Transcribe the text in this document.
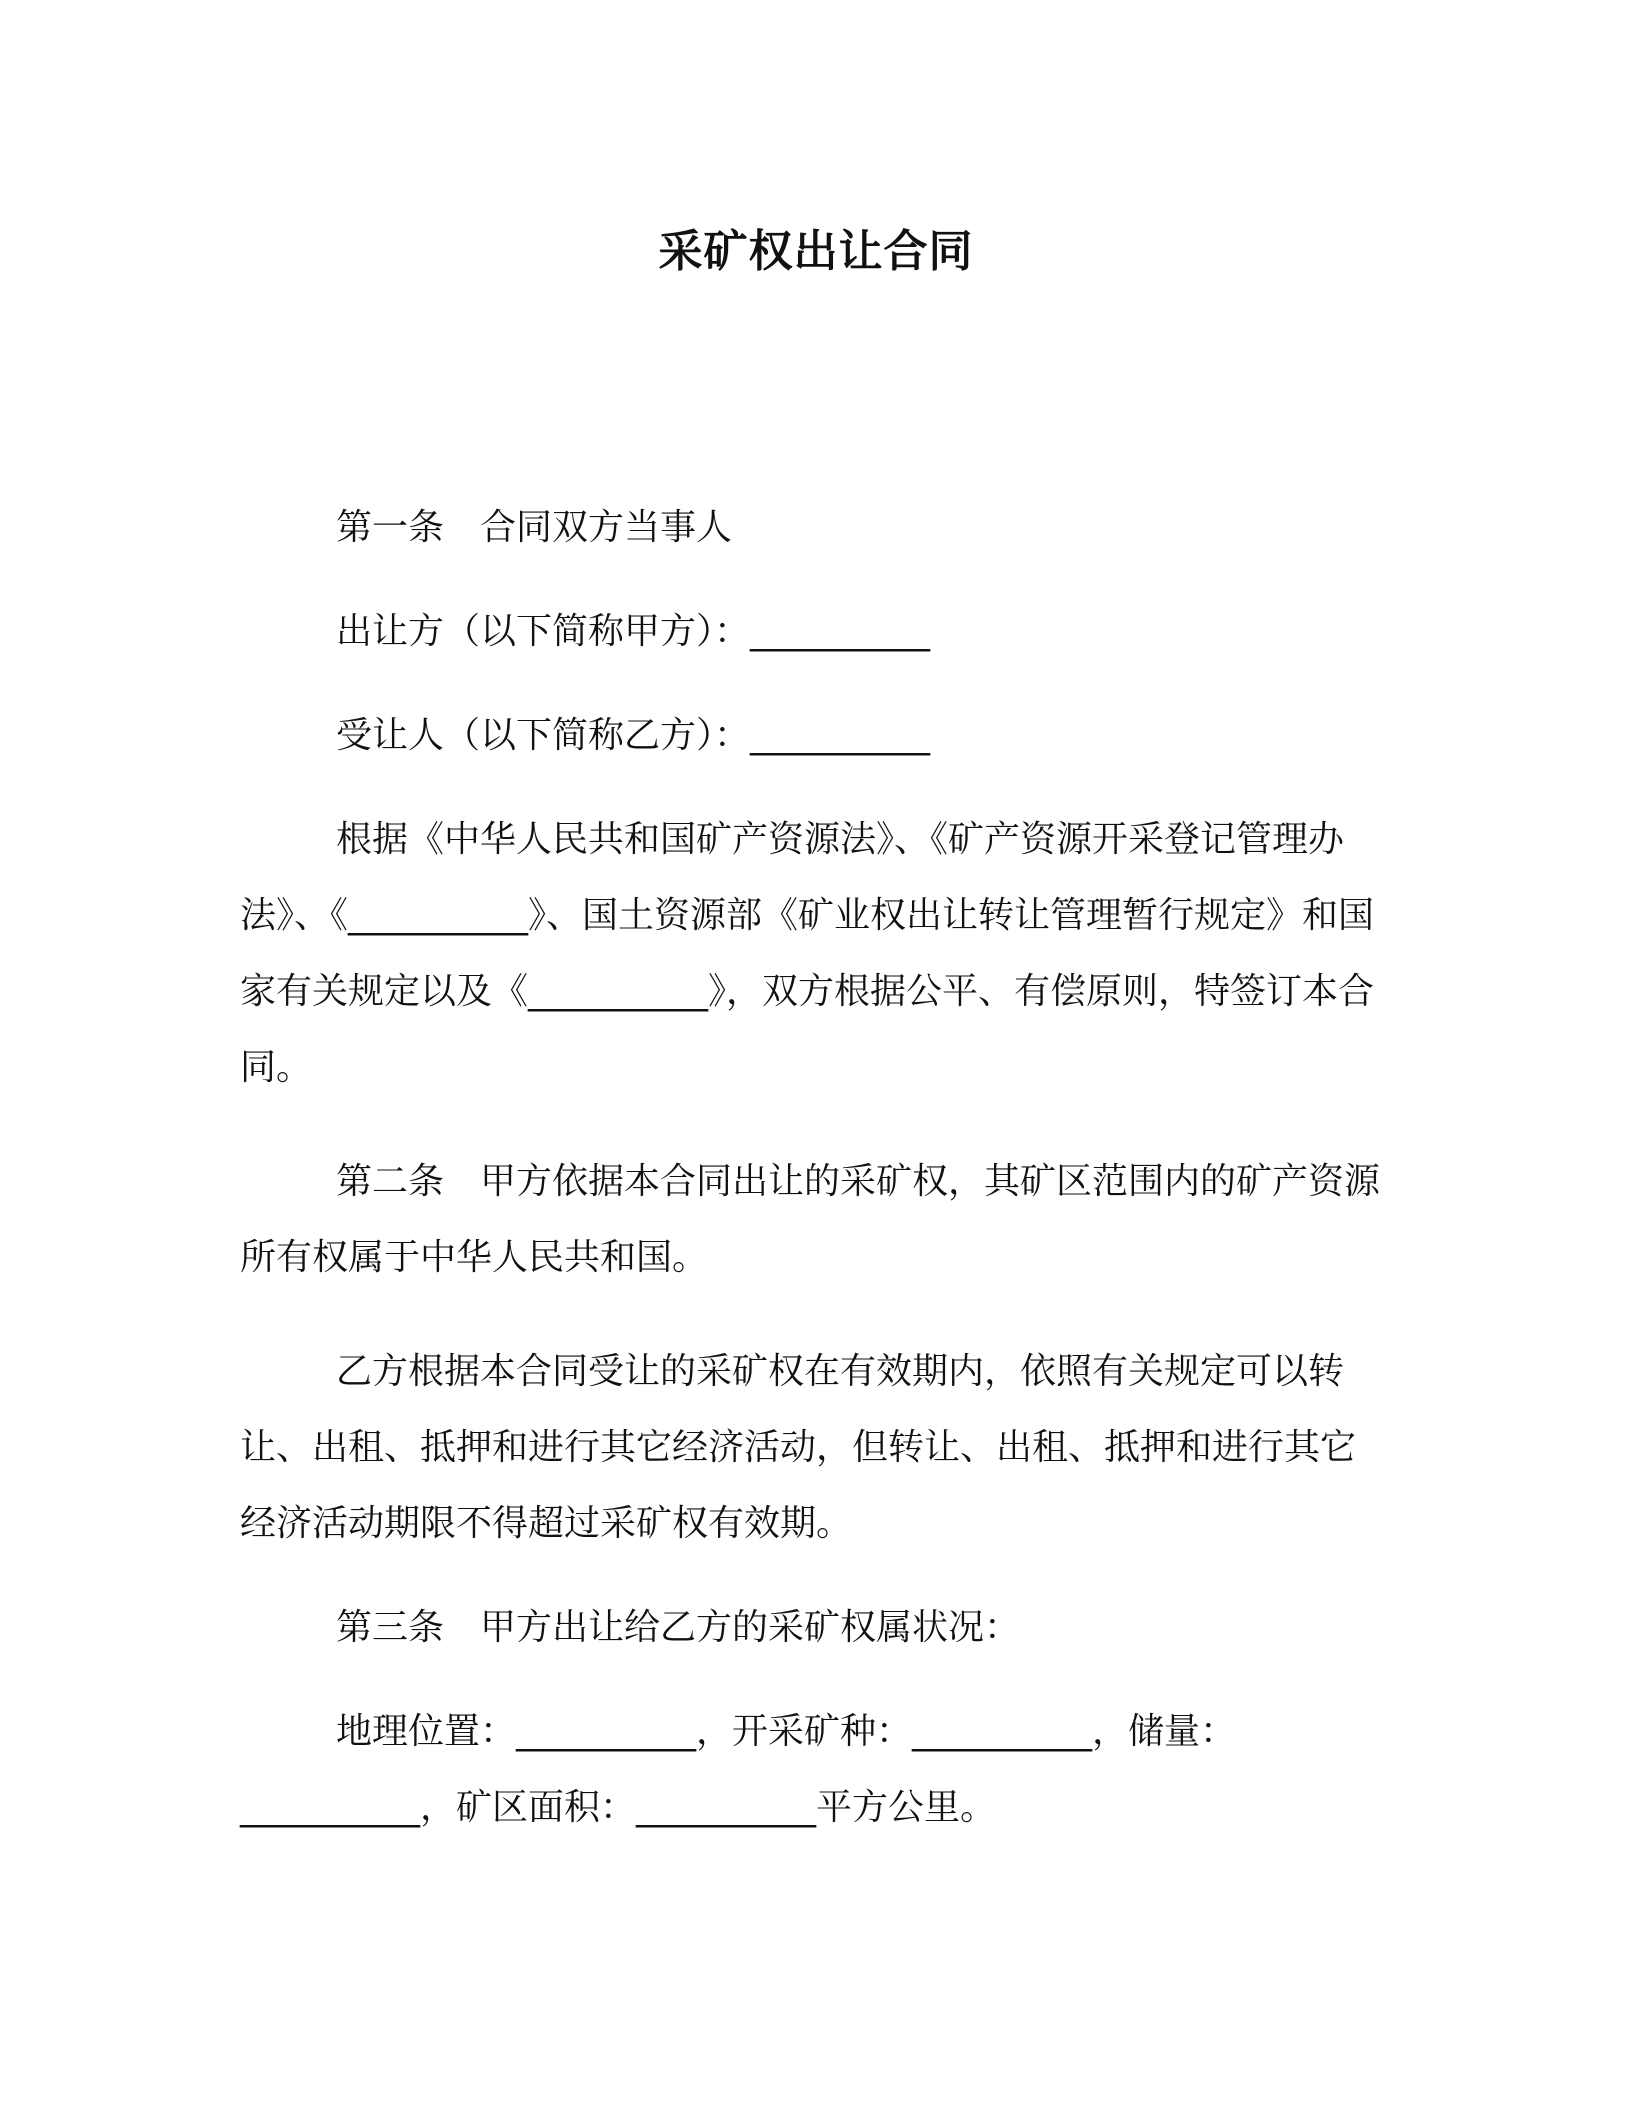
采矿权出让合同

第一条　合同双方当事人

出让方（以下简称甲方）：__________

受让人（以下简称乙方）：__________

根据《中华人民共和国矿产资源法》、《矿产资源开采登记管理办法》、《__________》、国土资源部《矿业权出让转让管理暂行规定》和国家有关规定以及《__________》，双方根据公平、有偿原则，特签订本合同。

第二条　甲方依据本合同出让的采矿权，其矿区范围内的矿产资源所有权属于中华人民共和国。

乙方根据本合同受让的采矿权在有效期内，依照有关规定可以转让、出租、抵押和进行其它经济活动，但转让、出租、抵押和进行其它经济活动期限不得超过采矿权有效期。

第三条　甲方出让给乙方的采矿权属状况：

地理位置：__________，开采矿种：__________，储量：__________，矿区面积：__________平方公里。
